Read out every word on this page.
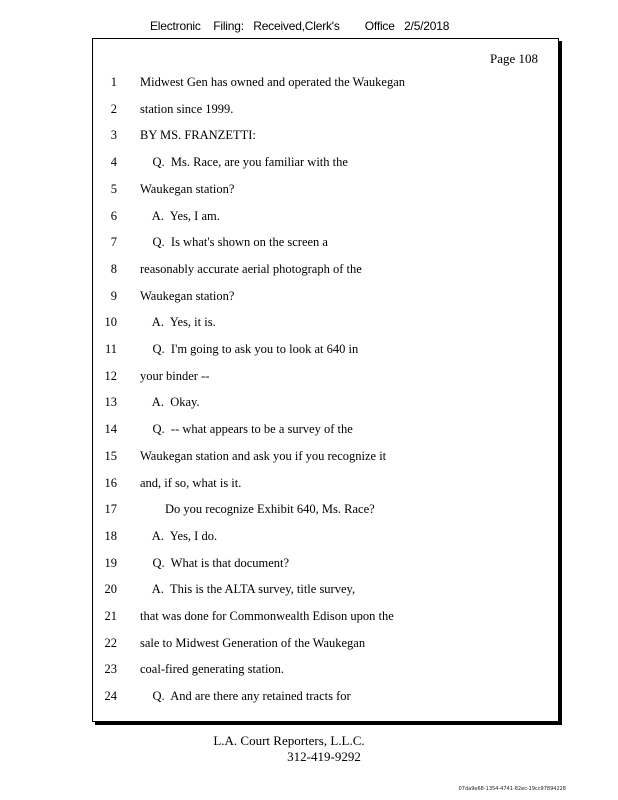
Electronic    Filing:   Received,Clerk's        Office   2/5/2018
Page 108
1 Midwest Gen has owned and operated the Waukegan
2 station since 1999.
3 BY MS. FRANZETTI:
4 Q.  Ms. Race, are you familiar with the
5 Waukegan station?
6 A.  Yes, I am.
7 Q.  Is what's shown on the screen a
8 reasonably accurate aerial photograph of the
9 Waukegan station?
10 A.  Yes, it is.
11 Q.  I'm going to ask you to look at 640 in
12 your binder --
13 A.  Okay.
14 Q.  -- what appears to be a survey of the
15 Waukegan station and ask you if you recognize it
16 and, if so, what is it.
17 Do you recognize Exhibit 640, Ms. Race?
18 A.  Yes, I do.
19 Q.  What is that document?
20 A.  This is the ALTA survey, title survey,
21 that was done for Commonwealth Edison upon the
22 sale to Midwest Generation of the Waukegan
23 coal-fired generating station.
24 Q.  And are there any retained tracts for
L.A. Court Reporters, L.L.C.
312-419-9292
07da9e68-1354-4741-82ec-19cc97894228
